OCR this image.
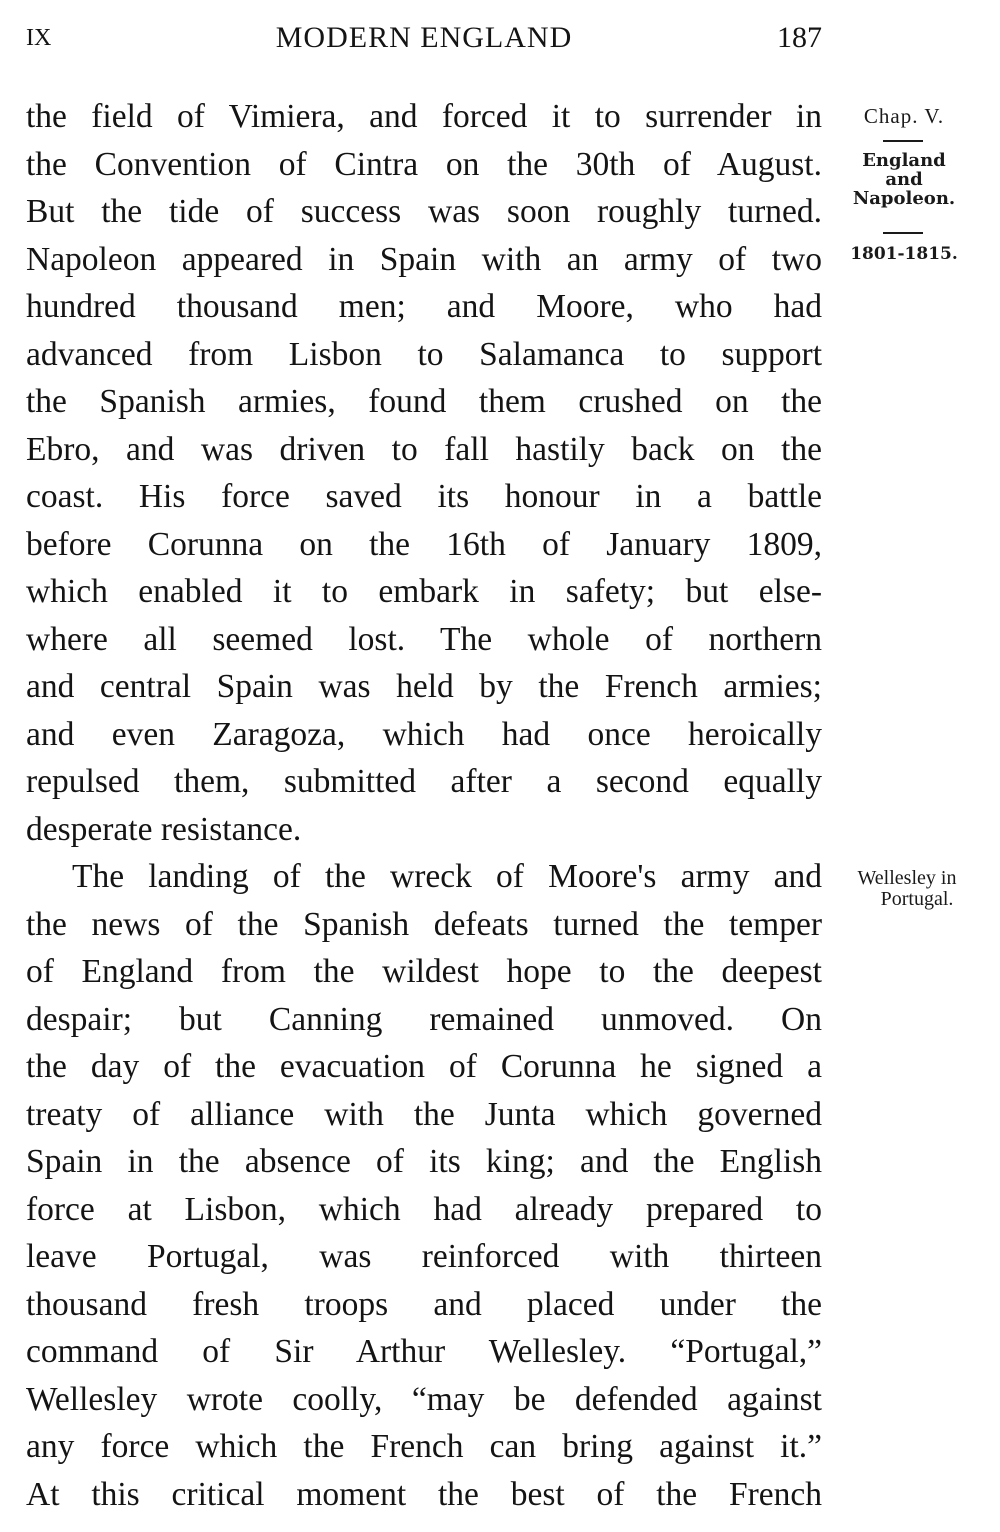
IX	MODERN ENGLAND	187
Chap. V.
England
and
Napoleon.
1801-1815.
Wellesley in
Portugal.
the field of Vimiera, and forced it to surrender in
the Convention of Cintra on the 30th of August.
But the tide of success was soon roughly turned.
Napoleon appeared in Spain with an army of two
hundred thousand men; and Moore, who had
advanced from Lisbon to Salamanca to support
the Spanish armies, found them crushed on the
Ebro, and was driven to fall hastily back on the
coast. His force saved its honour in a battle
before Corunna on the 16th of January 1809,
which enabled it to embark in safety; but else-
where all seemed lost. The whole of northern
and central Spain was held by the French armies;
and even Zaragoza, which had once heroically
repulsed them, submitted after a second equally
desperate resistance.
The landing of the wreck of Moore's army and
the news of the Spanish defeats turned the temper
of England from the wildest hope to the deepest
despair; but Canning remained unmoved. On
the day of the evacuation of Corunna he signed a
treaty of alliance with the Junta which governed
Spain in the absence of its king; and the English
force at Lisbon, which had already prepared to
leave Portugal, was reinforced with thirteen
thousand fresh troops and placed under the
command of Sir Arthur Wellesley. “Portugal,”
Wellesley wrote coolly, “may be defended against
any force which the French can bring against it.”
At this critical moment the best of the French
